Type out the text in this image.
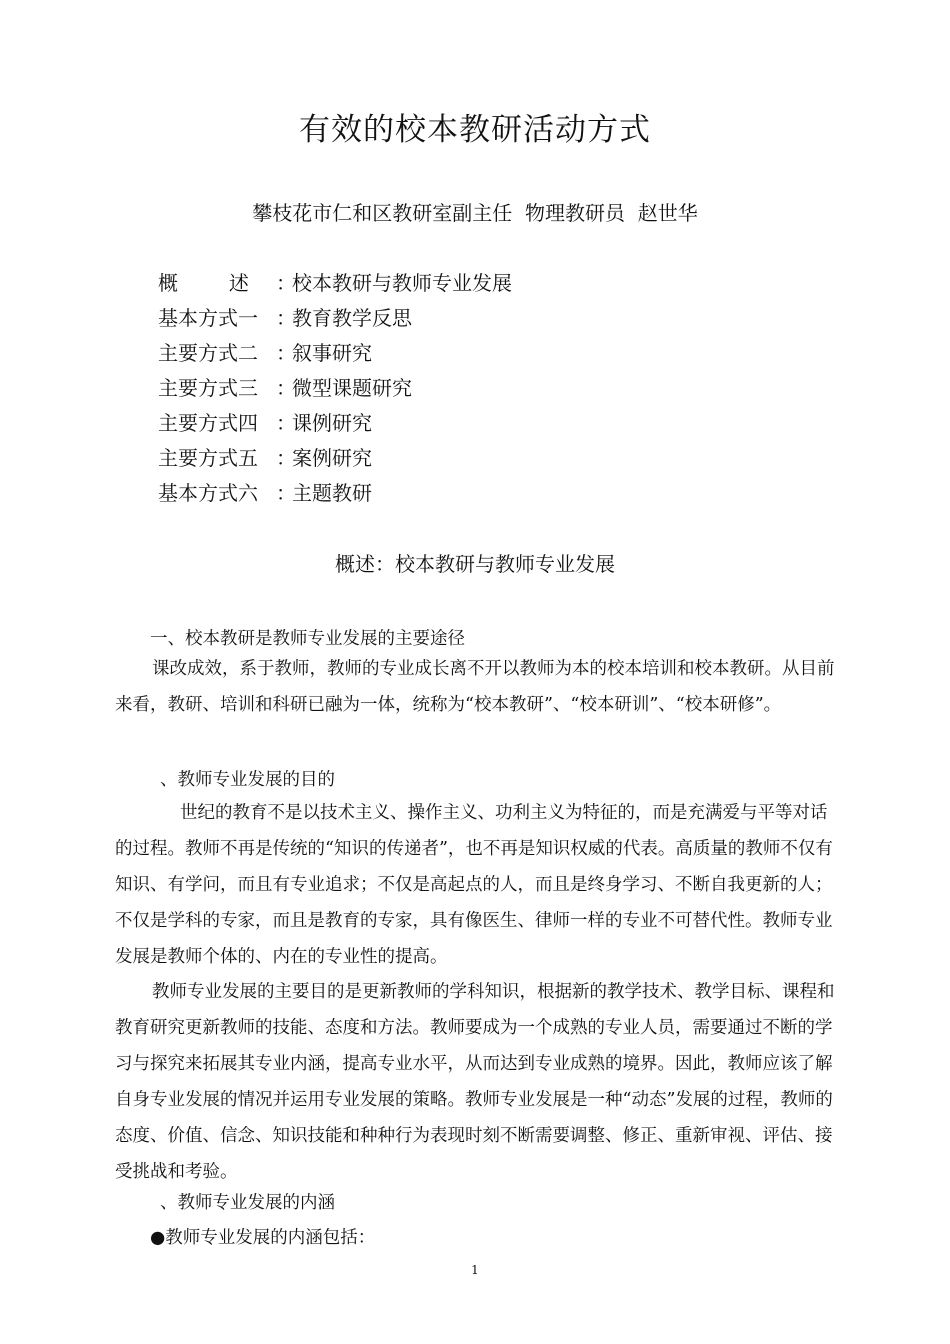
有效的校本教研活动方式
攀枝花市仁和区教研室副主任  物理教研员  赵世华
概        述 ：校本教研与教师专业发展
基本方式一 ：教育教学反思
主要方式二 ：叙事研究
主要方式三 ：微型课题研究
主要方式四 ：课例研究
主要方式五 ：案例研究
基本方式六 ：主题教研
概述：校本教研与教师专业发展
一、校本教研是教师专业发展的主要途径
课改成效，系于教师，教师的专业成长离不开以教师为本的校本培训和校本教研。从目前来看，教研、培训和科研已融为一体，统称为“校本教研”、“校本研训”、“校本研修”。
、教师专业发展的目的
世纪的教育不是以技术主义、操作主义、功利主义为特征的，而是充满爱与平等对话的过程。教师不再是传统的“知识的传递者”，也不再是知识权威的代表。高质量的教师不仅有知识、有学问，而且有专业追求；不仅是高起点的人，而且是终身学习、不断自我更新的人；不仅是学科的专家，而且是教育的专家，具有像医生、律师一样的专业不可替代性。教师专业发展是教师个体的、内在的专业性的提高。
教师专业发展的主要目的是更新教师的学科知识，根据新的教学技术、教学目标、课程和教育研究更新教师的技能、态度和方法。教师要成为一个成熟的专业人员，需要通过不断的学习与探究来拓展其专业内涵，提高专业水平，从而达到专业成熟的境界。因此，教师应该了解自身专业发展的情况并运用专业发展的策略。教师专业发展是一种“动态”发展的过程，教师的态度、价值、信念、知识技能和种种行为表现时刻不断需要调整、修正、重新审视、评估、接受挑战和考验。
、教师专业发展的内涵
●教师专业发展的内涵包括：
1
